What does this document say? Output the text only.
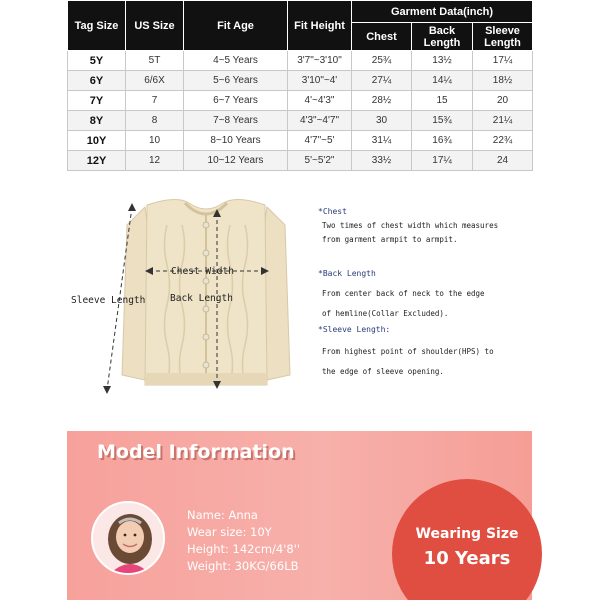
Tag Size	US Size	Fit Age	Fit Height	Garment Data(inch)		
				Chest	Back Length	Sleeve Length
5Y	5T	4~5 Years	3'7"~3'10"	25¾	13½	17¼
6Y	6/6X	5~6 Years	3'10"~4'	27¼	14¼	18½
7Y	7	6~7 Years	4'~4'3"	28½	15	20
8Y	8	7~8 Years	4'3"~4'7"	30	15¾	21¼
10Y	10	8~10 Years	4'7"~5'	31¼	16¾	22¾
12Y	12	10~12 Years	5'~5'2"	33½	17¼	24
Chest Width
Back Length
Sleeve Length

*Chest

Two times of chest width which measures

from garment armpit to armpit.

*Back Length

From center back of neck to the edge

of hemline(Collar Excluded).

*Sleeve Length:

From highest point of shoulder(HPS) to

the edge of sleeve opening.

Model Information
Name: Anna
Wear size: 10Y
Height: 142cm/4'8''
Weight: 30KG/66LB
Wearing Size
10 Years
